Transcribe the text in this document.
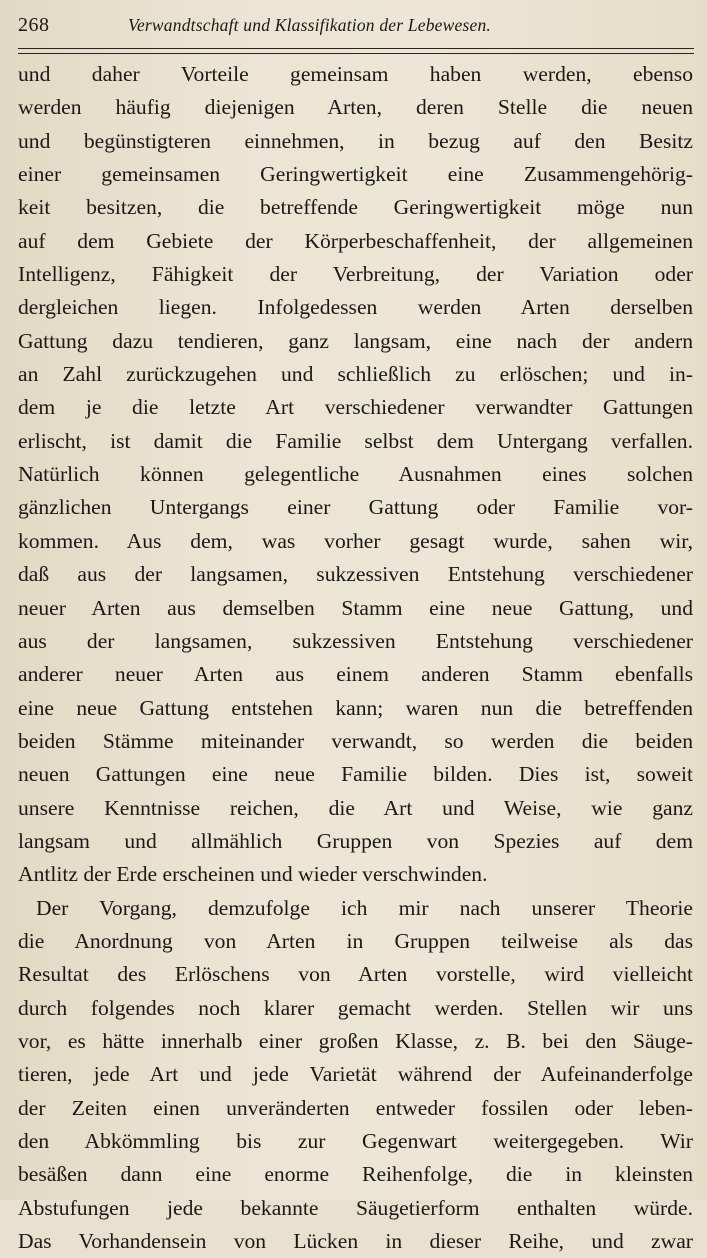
268	Verwandtschaft und Klassifikation der Lebewesen.
und daher Vorteile gemeinsam haben werden, ebenso
werden häufig diejenigen Arten, deren Stelle die neuen
und begünstigteren einnehmen, in bezug auf den Besitz
einer gemeinsamen Geringwertigkeit eine Zusammengehörig-
keit besitzen, die betreffende Geringwertigkeit möge nun
auf dem Gebiete der Körperbeschaffenheit, der allgemeinen
Intelligenz, Fähigkeit der Verbreitung, der Variation oder
dergleichen liegen. Infolgedessen werden Arten derselben
Gattung dazu tendieren, ganz langsam, eine nach der andern
an Zahl zurückzugehen und schließlich zu erlöschen; und in-
dem je die letzte Art verschiedener verwandter Gattungen
erlischt, ist damit die Familie selbst dem Untergang verfallen.
Natürlich können gelegentliche Ausnahmen eines solchen
gänzlichen Untergangs einer Gattung oder Familie vor-
kommen. Aus dem, was vorher gesagt wurde, sahen wir,
daß aus der langsamen, sukzessiven Entstehung verschiedener
neuer Arten aus demselben Stamm eine neue Gattung, und
aus der langsamen, sukzessiven Entstehung verschiedener
anderer neuer Arten aus einem anderen Stamm ebenfalls
eine neue Gattung entstehen kann; waren nun die betreffenden
beiden Stämme miteinander verwandt, so werden die beiden
neuen Gattungen eine neue Familie bilden. Dies ist, soweit
unsere Kenntnisse reichen, die Art und Weise, wie ganz
langsam und allmählich Gruppen von Spezies auf dem
Antlitz der Erde erscheinen und wieder verschwinden.
Der Vorgang, demzufolge ich mir nach unserer Theorie
die Anordnung von Arten in Gruppen teilweise als das
Resultat des Erlöschens von Arten vorstelle, wird vielleicht
durch folgendes noch klarer gemacht werden. Stellen wir uns
vor, es hätte innerhalb einer großen Klasse, z. B. bei den Säuge-
tieren, jede Art und jede Varietät während der Aufeinanderfolge
der Zeiten einen unveränderten entweder fossilen oder leben-
den Abkömmling bis zur Gegenwart weitergegeben. Wir
besäßen dann eine enorme Reihenfolge, die in kleinsten
Abstufungen jede bekannte Säugetierform enthalten würde.
Das Vorhandensein von Lücken in dieser Reihe, und zwar
